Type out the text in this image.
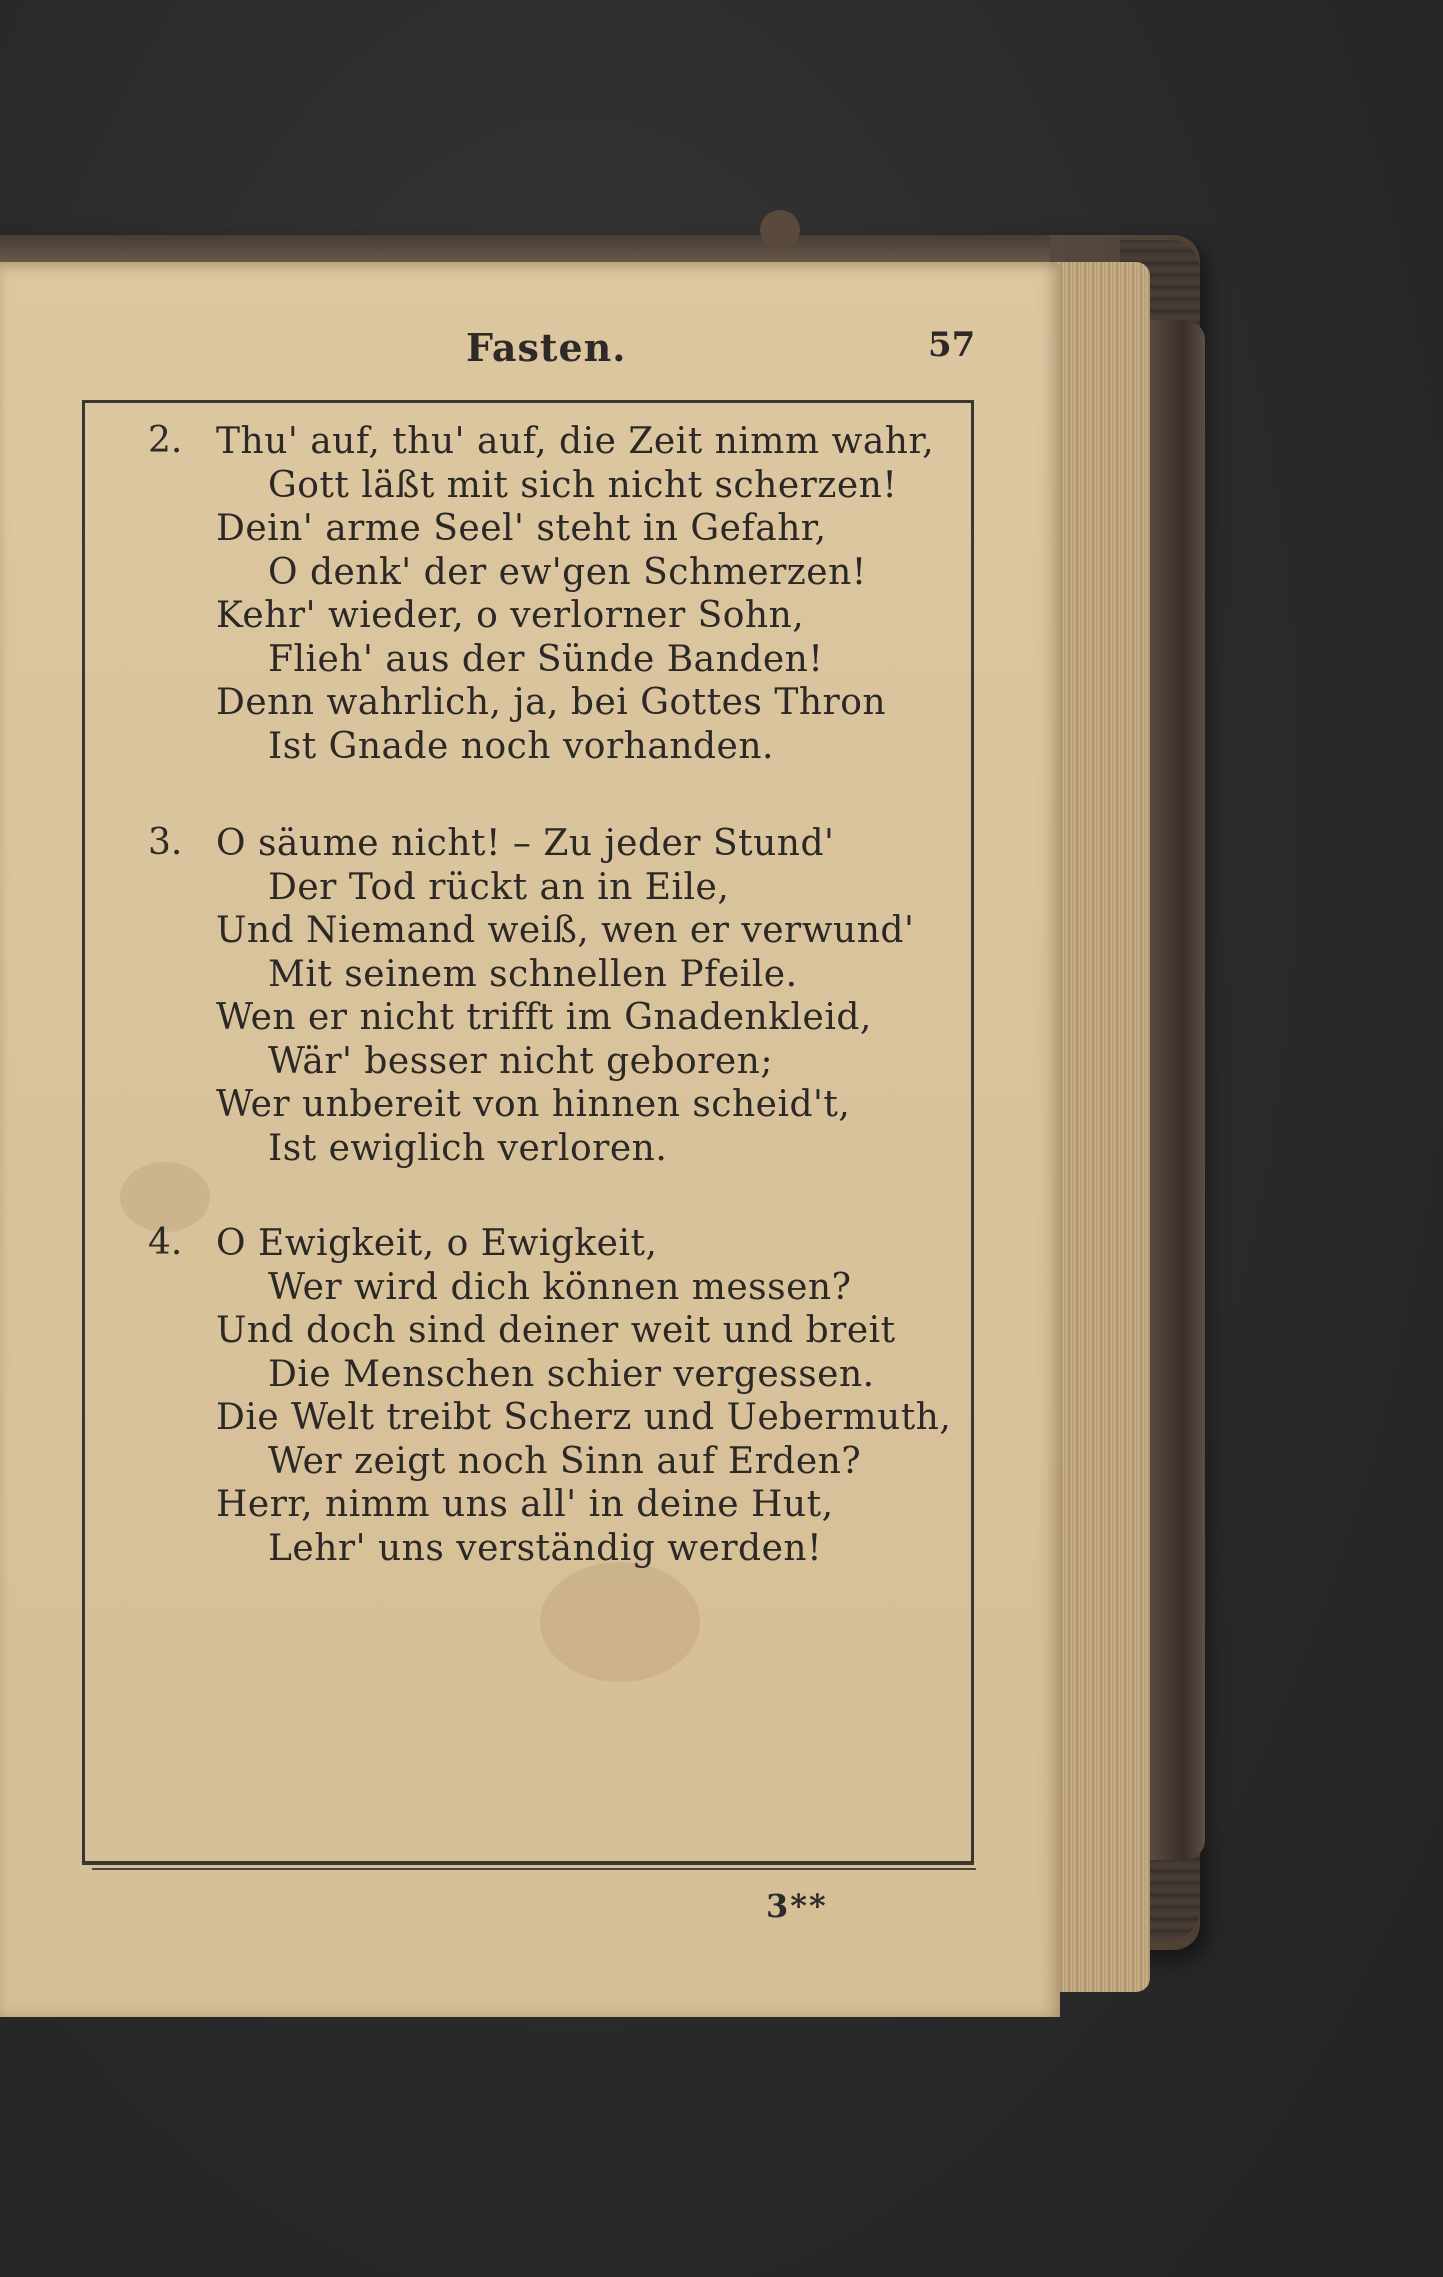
Fasten.	57
2. Thu' auf, thu' auf, die Zeit nimm wahr,
Gott läßt mit sich nicht scherzen!
Dein' arme Seel' steht in Gefahr,
O denk' der ew'gen Schmerzen!
Kehr' wieder, o verlorner Sohn,
Flieh' aus der Sünde Banden!
Denn wahrlich, ja, bei Gottes Thron
Ist Gnade noch vorhanden.
3. O säume nicht! – Zu jeder Stund'
Der Tod rückt an in Eile,
Und Niemand weiß, wen er verwund'
Mit seinem schnellen Pfeile.
Wen er nicht trifft im Gnadenkleid,
Wär' besser nicht geboren;
Wer unbereit von hinnen scheid't,
Ist ewiglich verloren.
4. O Ewigkeit, o Ewigkeit,
Wer wird dich können messen?
Und doch sind deiner weit und breit
Die Menschen schier vergessen.
Die Welt treibt Scherz und Uebermuth,
Wer zeigt noch Sinn auf Erden?
Herr, nimm uns all' in deine Hut,
Lehr' uns verständig werden!
3**
